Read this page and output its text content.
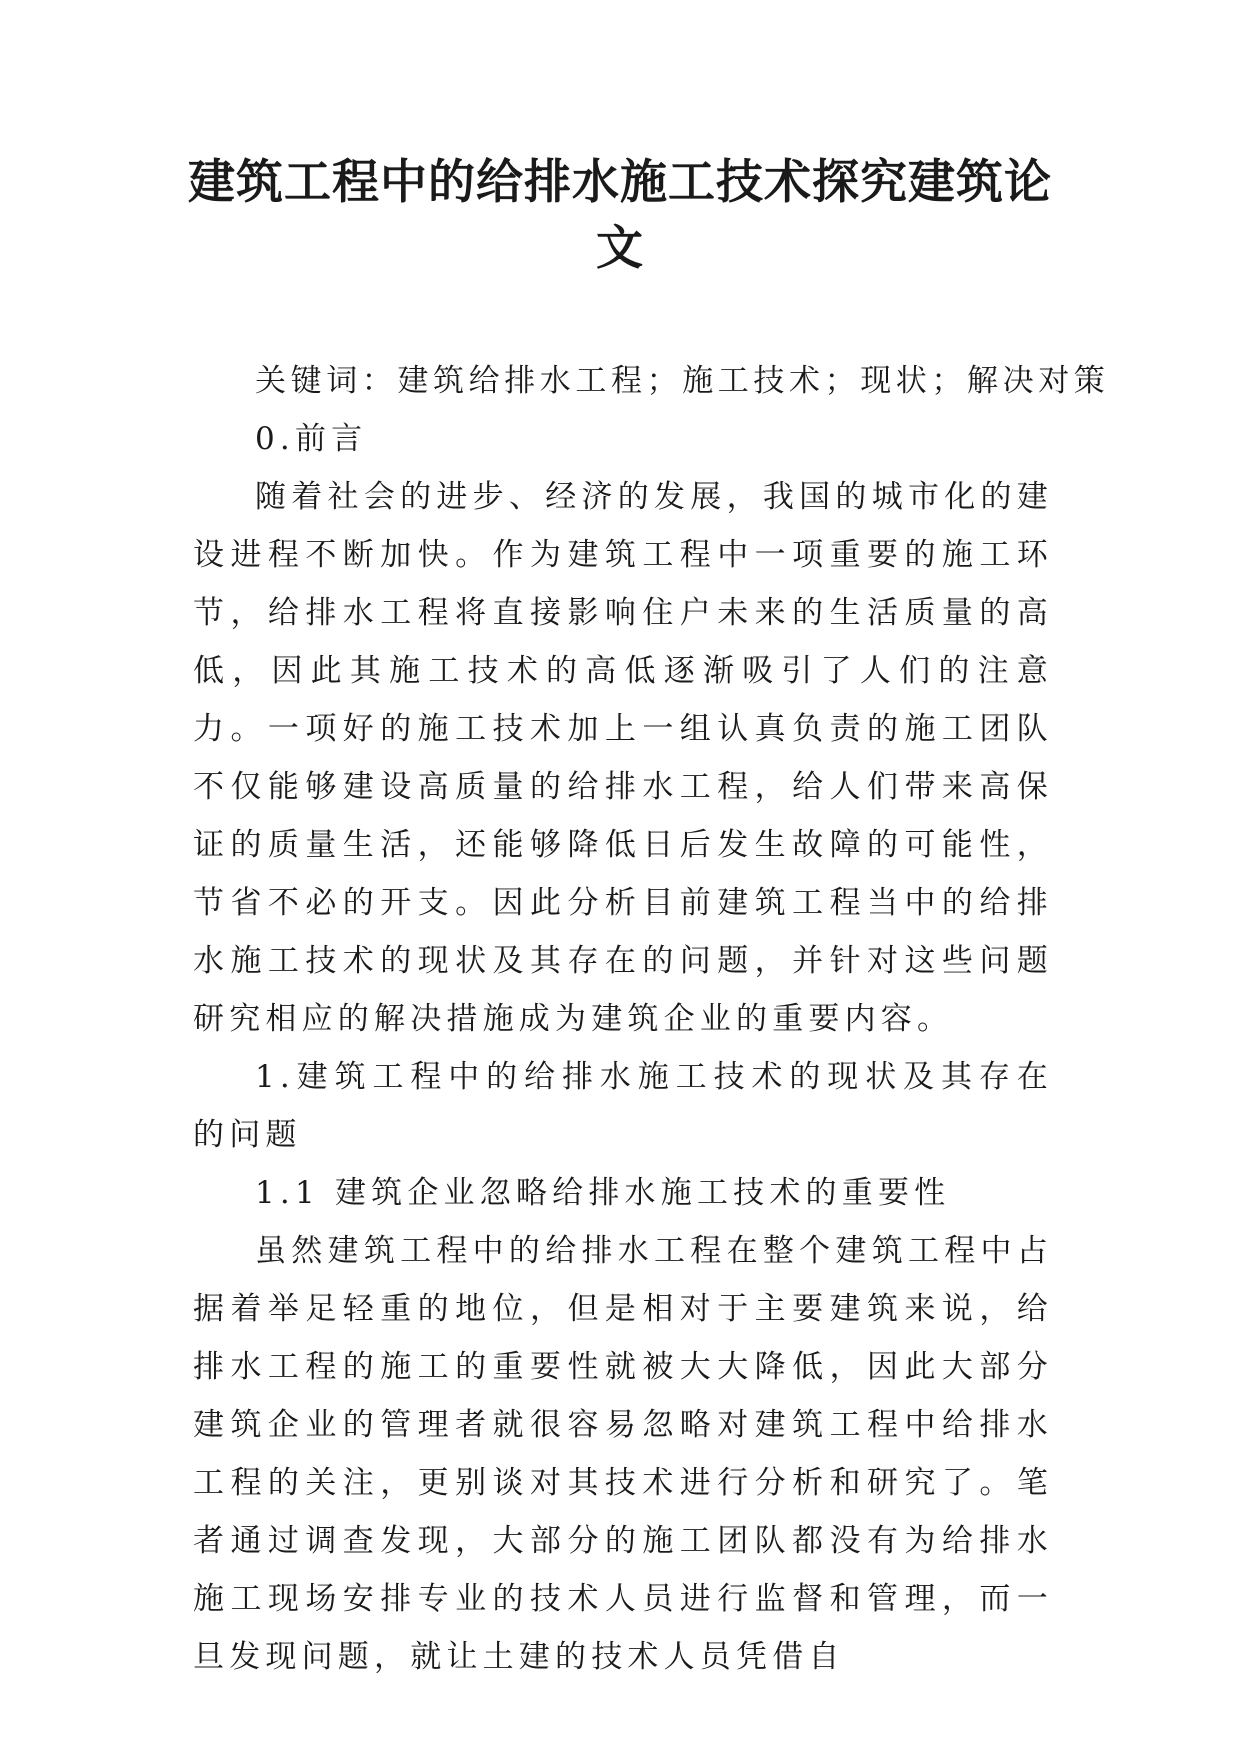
建筑工程中的给排水施工技术探究建筑论文

关键词：建筑给排水工程；施工技术；现状；解决对策

0.前言

随着社会的进步、经济的发展，我国的城市化的建设进程不断加快。作为建筑工程中一项重要的施工环节，给排水工程将直接影响住户未来的生活质量的高低，因此其施工技术的高低逐渐吸引了人们的注意力。一项好的施工技术加上一组认真负责的施工团队不仅能够建设高质量的给排水工程，给人们带来高保证的质量生活，还能够降低日后发生故障的可能性，节省不必的开支。因此分析目前建筑工程当中的给排水施工技术的现状及其存在的问题，并针对这些问题研究相应的解决措施成为建筑企业的重要内容。

1.建筑工程中的给排水施工技术的现状及其存在的问题

1.1 建筑企业忽略给排水施工技术的重要性

虽然建筑工程中的给排水工程在整个建筑工程中占据着举足轻重的地位，但是相对于主要建筑来说，给排水工程的施工的重要性就被大大降低，因此大部分建筑企业的管理者就很容易忽略对建筑工程中给排水工程的关注，更别谈对其技术进行分析和研究了。笔者通过调查发现，大部分的施工团队都没有为给排水施工现场安排专业的技术人员进行监督和管理，而一旦发现问题，就让土建的技术人员凭借自
